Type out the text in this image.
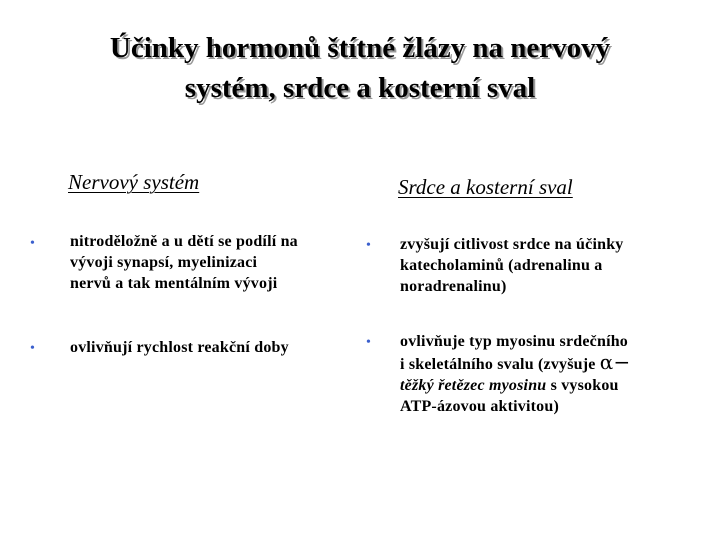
Účinky hormonů štítné žlázy na nervový
systém, srdce a kosterní sval
Nervový systém	Srdce a kosterní sval
• nitroděložně a u dětí se podílí na
vývoji synapsí, myelinizaci
nervů a tak mentálním vývoji
• ovlivňují rychlost reakční doby
• zvyšují citlivost srdce na účinky
katecholaminů (adrenalinu a
noradrenalinu)
• ovlivňuje typ myosinu srdečního
i skeletálního svalu (zvyšuje α−
těžký řetězec myosinu s vysokou
ATP-ázovou aktivitou)
